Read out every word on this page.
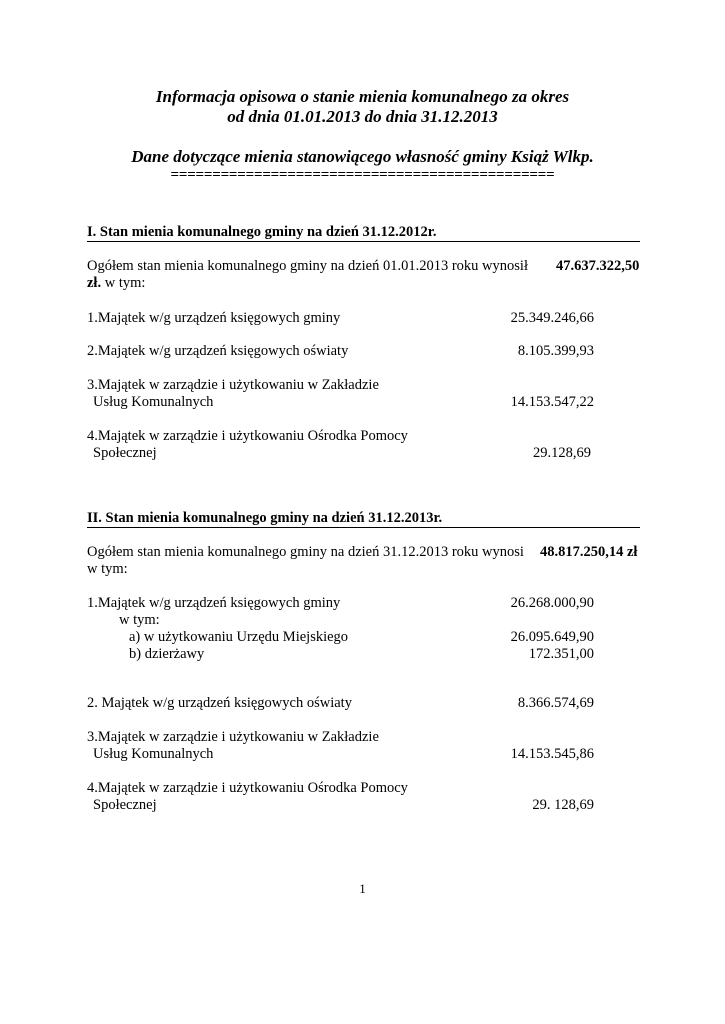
Informacja opisowa o stanie mienia komunalnego za okres
od dnia 01.01.2013 do dnia 31.12.2013
Dane dotyczące mienia stanowiącego własność gminy Książ Wlkp.
==============================================
I. Stan mienia komunalnego gminy na dzień 31.12.2012r.
Ogółem stan mienia komunalnego gminy na dzień 01.01.2013 roku wynosił 47.637.322,50
zł. w tym:
1.Majątek w/g urządzeń księgowych gminy	25.349.246,66
2.Majątek w/g urządzeń księgowych oświaty	8.105.399,93
3.Majątek w zarządzie i użytkowaniu w Zakładzie
Usług Komunalnych	14.153.547,22
4.Majątek w zarządzie i użytkowaniu Ośrodka Pomocy
Społecznej	29.128,69
II. Stan mienia komunalnego gminy na dzień 31.12.2013r.
Ogółem stan mienia komunalnego gminy na dzień 31.12.2013 roku wynosi 48.817.250,14 zł
w tym:
1.Majątek w/g urządzeń księgowych gminy	26.268.000,90
w tym:
a) w użytkowaniu Urzędu Miejskiego	26.095.649,90
b) dzierżawy	172.351,00
2. Majątek w/g urządzeń księgowych oświaty	8.366.574,69
3.Majątek w zarządzie i użytkowaniu w Zakładzie
Usług Komunalnych	14.153.545,86
4.Majątek w zarządzie i użytkowaniu Ośrodka Pomocy
Społecznej	29. 128,69
1
